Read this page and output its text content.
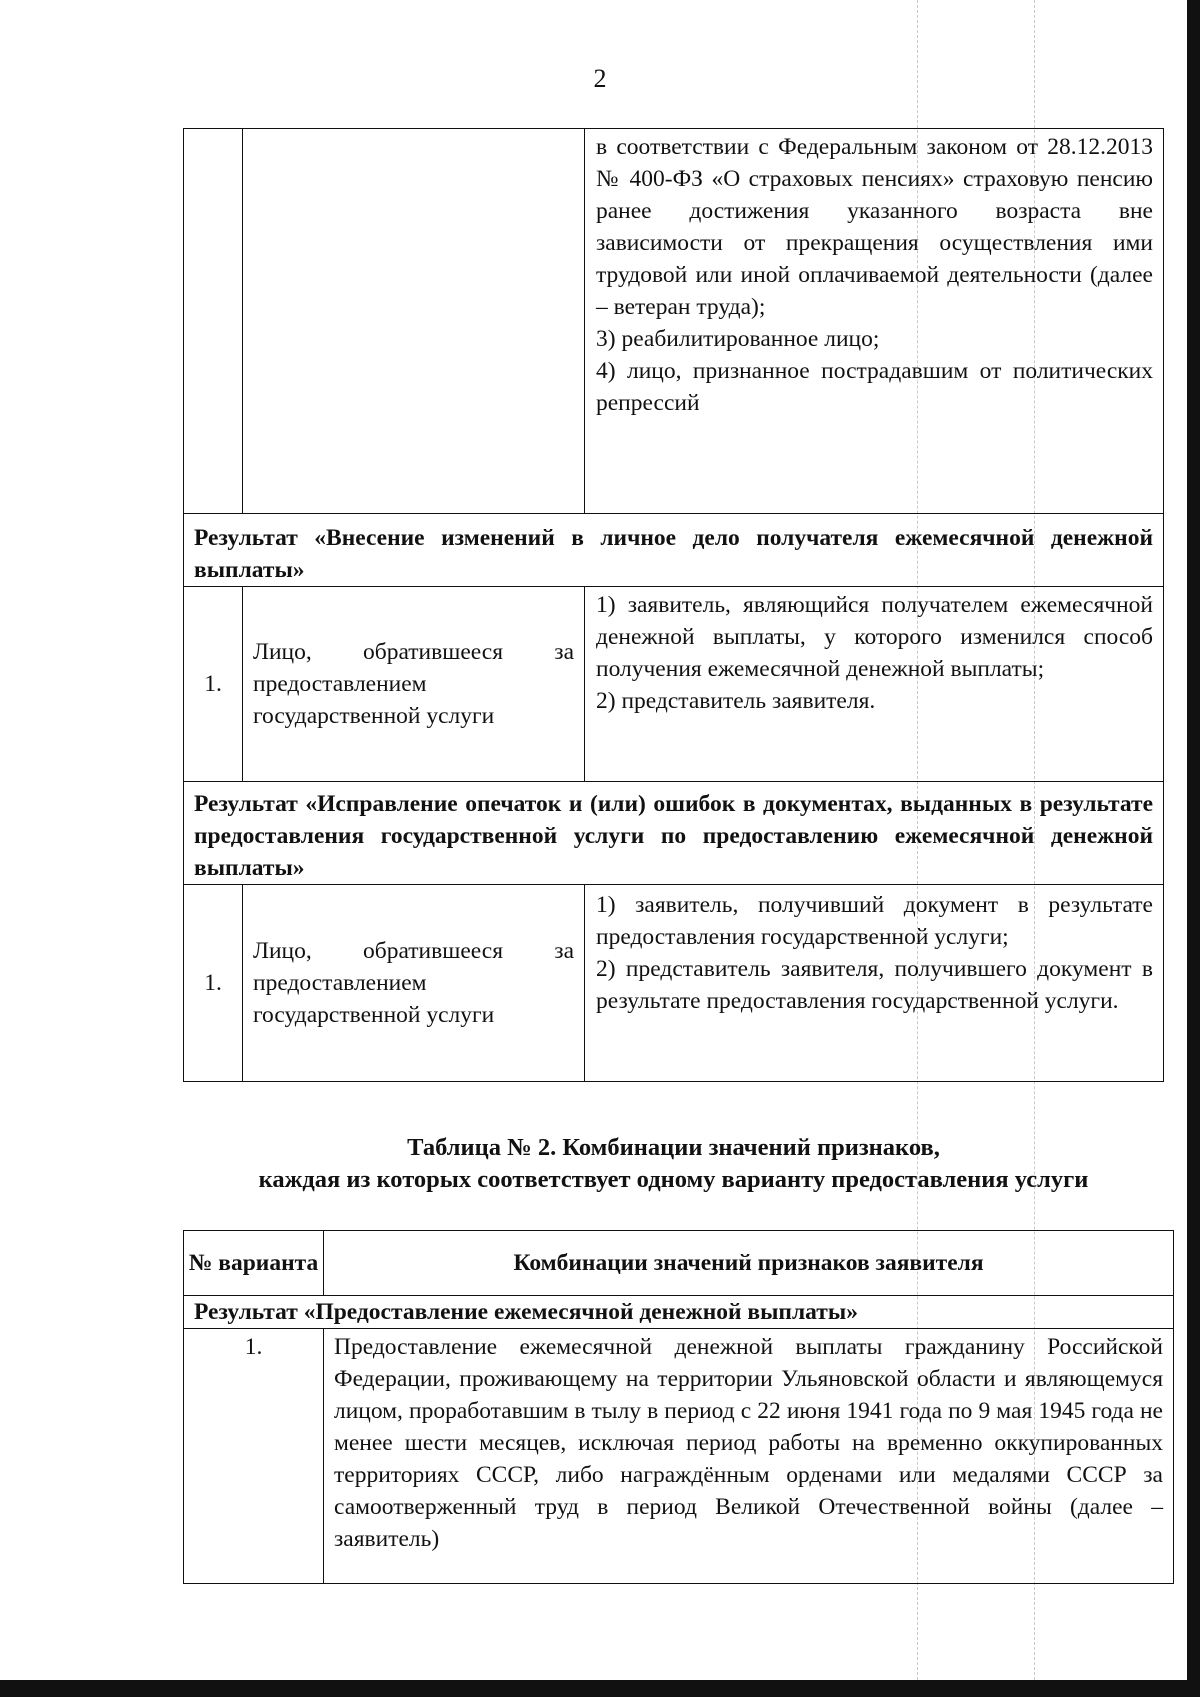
2

		в соответствии с Федеральным законом от 28.12.2013 № 400-ФЗ «О страховых пенсиях» страховую пенсию ранее достижения указанного возраста вне зависимости от прекращения осуществления ими трудовой или иной оплачиваемой деятельности (далее – ветеран труда);
3) реабилитированное лицо;
4) лицо, признанное пострадавшим от политических репрессий

Результат «Внесение изменений в личное дело получателя ежемесячной денежной выплаты»		
1.	Лицо, обратившееся за предоставлением государственной услуги	1) заявитель, являющийся получателем ежемесячной денежной выплаты, у которого изменился способ получения ежемесячной денежной выплаты;
2) представитель заявителя.

Результат «Исправление опечаток и (или) ошибок в документах, выданных в результате предоставления государственной услуги по предоставлению ежемесячной денежной выплаты»		
1.	Лицо, обратившееся за предоставлением государственной услуги	1) заявитель, получивший документ в результате предоставления государственной услуги;
2) представитель заявителя, получившего документ в результате предоставления государственной услуги.
Таблица № 2. Комбинации значений признаков,
каждая из которых соответствует одному варианту предоставления услуги
№ варианта	Комбинации значений признаков заявителя
Результат «Предоставление ежемесячной денежной выплаты»	
1.	Предоставление ежемесячной денежной выплаты гражданину Российской Федерации, проживающему на территории Ульяновской области и являющемуся лицом, проработавшим в тылу в период с 22 июня 1941 года по 9 мая 1945 года не менее шести месяцев, исключая период работы на временно оккупированных территориях СССР, либо награждённым орденами или медалями СССР за самоотверженный труд в период Великой Отечественной войны (далее – заявитель)
